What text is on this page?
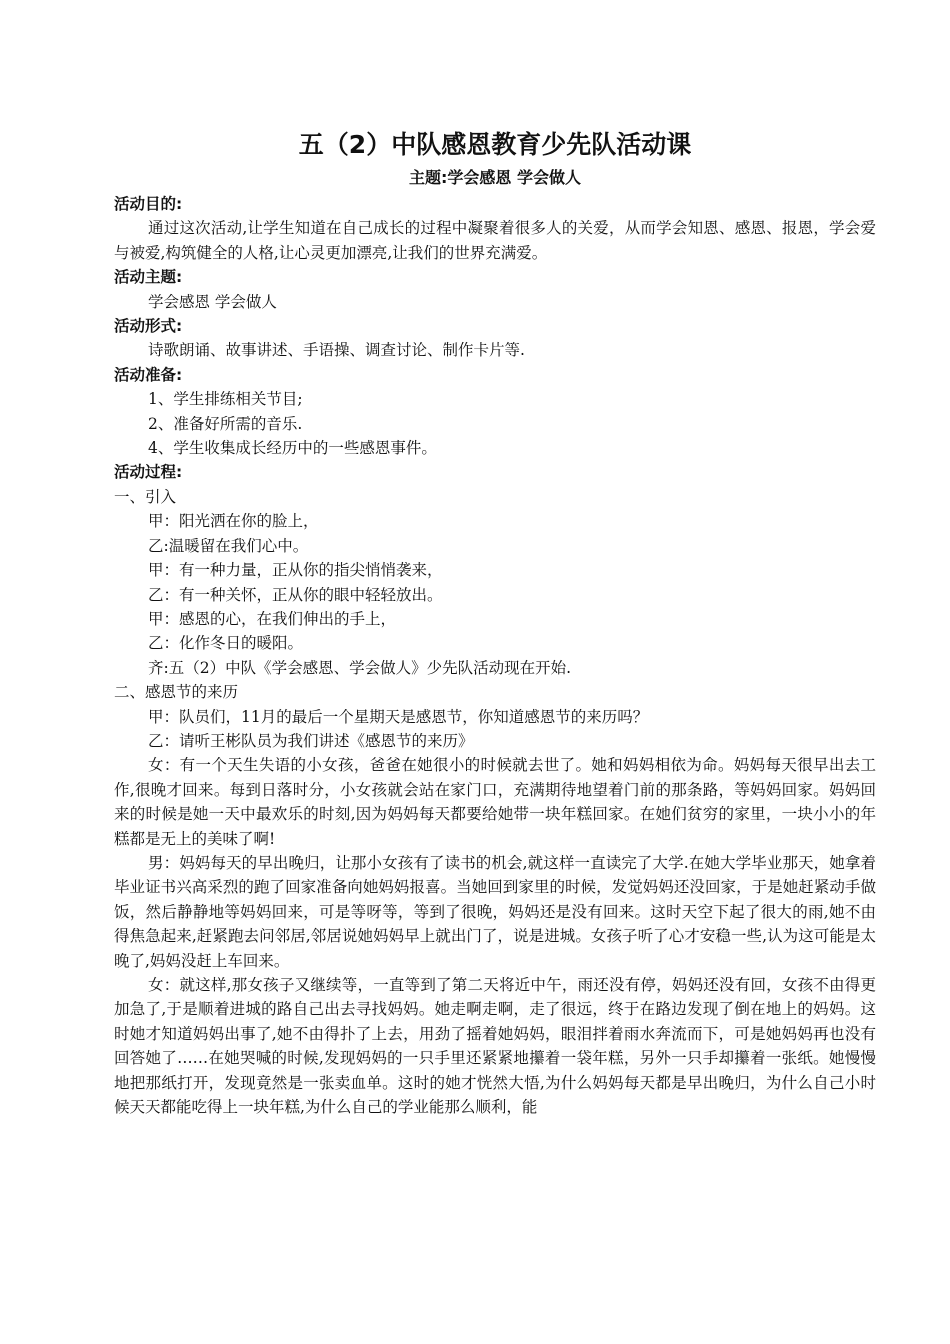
五（2）中队感恩教育少先队活动课
主题:学会感恩 学会做人
活动目的:

通过这次活动,让学生知道在自己成长的过程中凝聚着很多人的关爱，从而学会知恩、感恩、报恩，学会爱与被爱,构筑健全的人格,让心灵更加漂亮,让我们的世界充满爱。

活动主题:
学会感恩 学会做人
活动形式:
诗歌朗诵、故事讲述、手语操、调查讨论、制作卡片等.
活动准备:
1、学生排练相关节目;
2、准备好所需的音乐.
4、学生收集成长经历中的一些感恩事件。
活动过程:
一、引入
甲：阳光洒在你的脸上，
乙:温暖留在我们心中。
甲：有一种力量，正从你的指尖悄悄袭来，
乙：有一种关怀，正从你的眼中轻轻放出。
甲：感恩的心，在我们伸出的手上，
乙：化作冬日的暖阳。
齐:五（2）中队《学会感恩、学会做人》少先队活动现在开始.
二、感恩节的来历
甲：队员们，11月的最后一个星期天是感恩节，你知道感恩节的来历吗？
乙：请听王彬队员为我们讲述《感恩节的来历》

女：有一个天生失语的小女孩，爸爸在她很小的时候就去世了。她和妈妈相依为命。妈妈每天很早出去工作,很晚才回来。每到日落时分，小女孩就会站在家门口，充满期待地望着门前的那条路，等妈妈回家。妈妈回来的时候是她一天中最欢乐的时刻,因为妈妈每天都要给她带一块年糕回家。在她们贫穷的家里，一块小小的年糕都是无上的美味了啊!

男：妈妈每天的早出晚归，让那小女孩有了读书的机会,就这样一直读完了大学.在她大学毕业那天，她拿着毕业证书兴高采烈的跑了回家准备向她妈妈报喜。当她回到家里的时候，发觉妈妈还没回家，于是她赶紧动手做饭，然后静静地等妈妈回来，可是等呀等，等到了很晚，妈妈还是没有回来。这时天空下起了很大的雨,她不由得焦急起来,赶紧跑去问邻居,邻居说她妈妈早上就出门了，说是进城。女孩子听了心才安稳一些,认为这可能是太晚了,妈妈没赶上车回来。

女：就这样,那女孩子又继续等，一直等到了第二天将近中午，雨还没有停，妈妈还没有回，女孩不由得更加急了,于是顺着进城的路自己出去寻找妈妈。她走啊走啊，走了很远，终于在路边发现了倒在地上的妈妈。这时她才知道妈妈出事了,她不由得扑了上去，用劲了摇着她妈妈，眼泪拌着雨水奔流而下，可是她妈妈再也没有回答她了……在她哭喊的时候,发现妈妈的一只手里还紧紧地攥着一袋年糕，另外一只手却攥着一张纸。她慢慢地把那纸打开，发现竟然是一张卖血单。这时的她才恍然大悟,为什么妈妈每天都是早出晚归，为什么自己小时候天天都能吃得上一块年糕,为什么自己的学业能那么顺利，能
